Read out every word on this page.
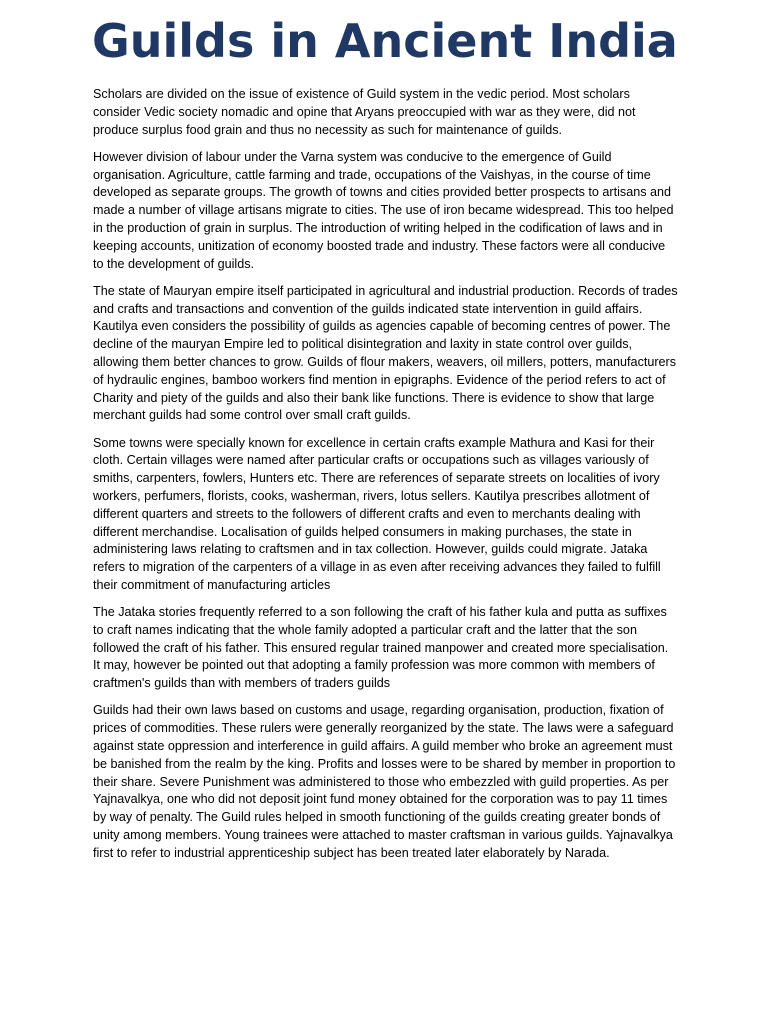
Guilds in Ancient India

Scholars are divided on the issue of existence of Guild system in the vedic period. Most scholars consider Vedic society nomadic and opine that Aryans preoccupied with war as they were, did not produce surplus food grain and thus no necessity as such for maintenance of guilds.

However division of labour under the Varna system was conducive to the emergence of Guild organisation. Agriculture, cattle farming and trade, occupations of the Vaishyas, in the course of time developed as separate groups. The growth of towns and cities provided better prospects to artisans and made a number of village artisans migrate to cities. The use of iron became widespread. This too helped in the production of grain in surplus. The introduction of writing helped in the codification of laws and in keeping accounts, unitization of economy boosted trade and industry. These factors were all conducive to the development of guilds.

The state of Mauryan empire itself participated in agricultural and industrial production. Records of trades and crafts and transactions and convention of the guilds indicated state intervention in guild affairs. Kautilya even considers the possibility of guilds as agencies capable of becoming centres of power. The decline of the mauryan Empire led to political disintegration and laxity in state control over guilds, allowing them better chances to grow. Guilds of flour makers, weavers, oil millers, potters, manufacturers of hydraulic engines, bamboo workers find mention in epigraphs. Evidence of the period refers to act of Charity and piety of the guilds and also their bank like functions. There is evidence to show that large merchant guilds had some control over small craft guilds.

Some towns were specially known for excellence in certain crafts example Mathura and Kasi for their cloth. Certain villages were named after particular crafts or occupations such as villages variously of smiths, carpenters, fowlers, Hunters etc. There are references of separate streets on localities of ivory workers, perfumers, florists, cooks, washerman, rivers, lotus sellers. Kautilya prescribes allotment of different quarters and streets to the followers of different crafts and even to merchants dealing with different merchandise. Localisation of guilds helped consumers in making purchases, the state in administering laws relating to craftsmen and in tax collection. However, guilds could migrate. Jataka refers to migration of the carpenters of a village in as even after receiving advances they failed to fulfill their commitment of manufacturing articles

The Jataka stories frequently referred to a son following the craft of his father kula and putta as suffixes to craft names indicating that the whole family adopted a particular craft and the latter that the son followed the craft of his father. This ensured regular trained manpower and created more specialisation. It may, however be pointed out that adopting a family profession was more common with members of craftmen's guilds than with members of traders guilds

Guilds had their own laws based on customs and usage, regarding organisation, production, fixation of prices of commodities. These rulers were generally reorganized by the state. The laws were a safeguard against state oppression and interference in guild affairs. A guild member who broke an agreement must be banished from the realm by the king. Profits and losses were to be shared by member in proportion to their share. Severe Punishment was administered to those who embezzled with guild properties. As per Yajnavalkya, one who did not deposit joint fund money obtained for the corporation was to pay 11 times by way of penalty. The Guild rules helped in smooth functioning of the guilds creating greater bonds of unity among members. Young trainees were attached to master craftsman in various guilds. Yajnavalkya first to refer to industrial apprenticeship subject has been treated later elaborately by Narada.
